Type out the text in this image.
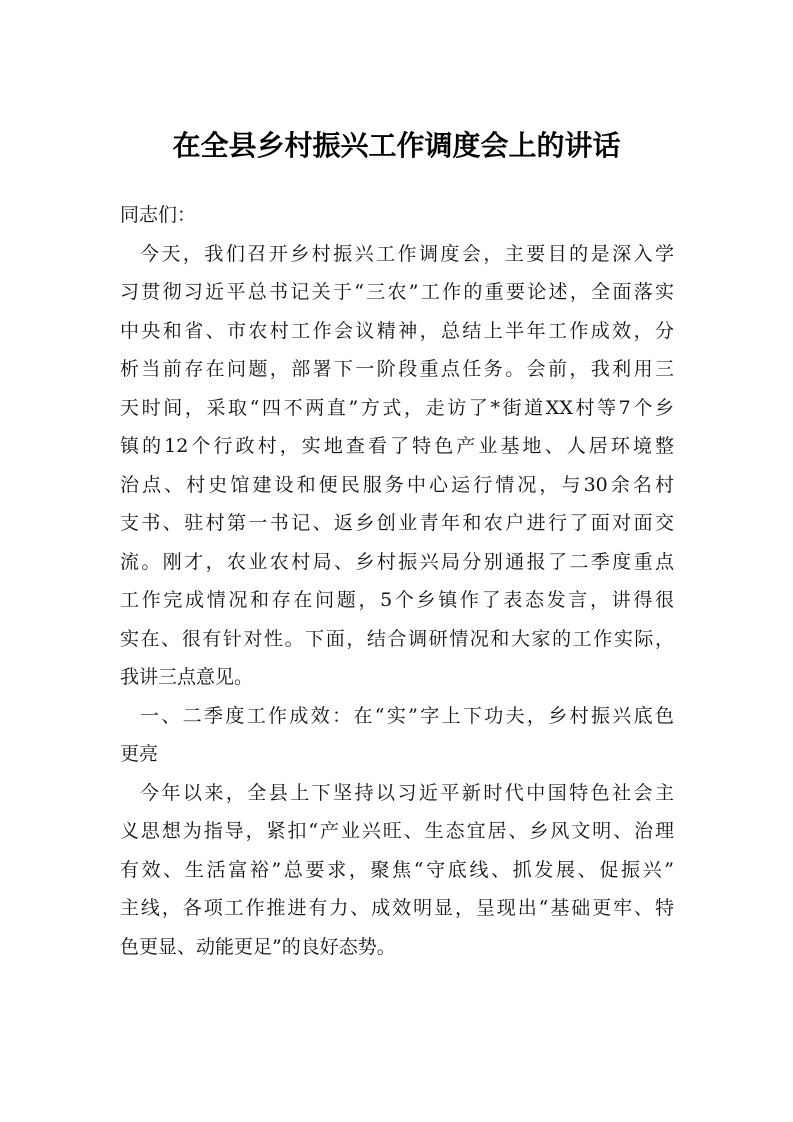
在全县乡村振兴工作调度会上的讲话
同志们：
今天，我们召开乡村振兴工作调度会，主要目的是深入学
习贯彻习近平总书记关于“三农”工作的重要论述，全面落实
中央和省、市农村工作会议精神，总结上半年工作成效，分
析当前存在问题，部署下一阶段重点任务。会前，我利用三
天时间，采取“四不两直”方式，走访了*街道XX村等7个乡
镇的12个行政村，实地查看了特色产业基地、人居环境整
治点、村史馆建设和便民服务中心运行情况，与30余名村
支书、驻村第一书记、返乡创业青年和农户进行了面对面交
流。刚才，农业农村局、乡村振兴局分别通报了二季度重点
工作完成情况和存在问题，5个乡镇作了表态发言，讲得很
实在、很有针对性。下面，结合调研情况和大家的工作实际，
我讲三点意见。
一、二季度工作成效：在“实”字上下功夫，乡村振兴底色
更亮
今年以来，全县上下坚持以习近平新时代中国特色社会主
义思想为指导，紧扣“产业兴旺、生态宜居、乡风文明、治理
有效、生活富裕”总要求，聚焦“守底线、抓发展、促振兴”
主线，各项工作推进有力、成效明显，呈现出“基础更牢、特
色更显、动能更足”的良好态势。
